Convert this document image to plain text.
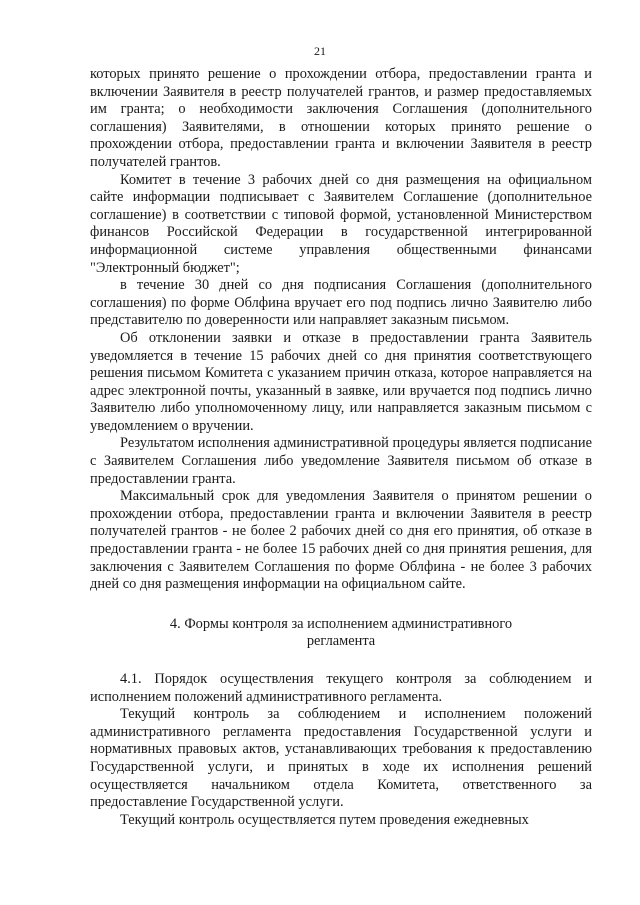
21

которых принято решение о прохождении отбора, предоставлении гранта и включении Заявителя в реестр получателей грантов, и размер предоставляемых им гранта; о необходимости заключения Соглашения (дополнительного соглашения) Заявителями, в отношении которых принято решение о прохождении отбора, предоставлении гранта и включении Заявителя в реестр получателей грантов.

Комитет в течение 3 рабочих дней со дня размещения на официальном сайте информации подписывает с Заявителем Соглашение (дополнительное соглашение) в соответствии с типовой формой, установленной Министерством финансов Российской Федерации в государственной интегрированной информационной системе управления общественными финансами "Электронный бюджет";

в течение 30 дней со дня подписания Соглашения (дополнительного соглашения) по форме Облфина вручает его под подпись лично Заявителю либо представителю по доверенности или направляет заказным письмом.

Об отклонении заявки и отказе в предоставлении гранта Заявитель уведомляется в течение 15 рабочих дней со дня принятия соответствующего решения письмом Комитета с указанием причин отказа, которое направляется на адрес электронной почты, указанный в заявке, или вручается под подпись лично Заявителю либо уполномоченному лицу, или направляется заказным письмом с уведомлением о вручении.

Результатом исполнения административной процедуры является подписание с Заявителем Соглашения либо уведомление Заявителя письмом об отказе в предоставлении гранта.

Максимальный срок для уведомления Заявителя о принятом решении о прохождении отбора, предоставлении гранта и включении Заявителя в реестр получателей грантов - не более 2 рабочих дней со дня его принятия, об отказе в предоставлении гранта - не более 15 рабочих дней со дня принятия решения, для заключения с Заявителем Соглашения по форме Облфина - не более 3 рабочих дней со дня размещения информации на официальном сайте.

4. Формы контроля за исполнением административного

регламента

4.1. Порядок осуществления текущего контроля за соблюдением и исполнением положений административного регламента.

Текущий контроль за соблюдением и исполнением положений административного регламента предоставления Государственной услуги и нормативных правовых актов, устанавливающих требования к предоставлению Государственной услуги, и принятых в ходе их исполнения решений осуществляется начальником отдела Комитета, ответственного за предоставление Государственной услуги.

Текущий контроль осуществляется путем проведения ежедневных
